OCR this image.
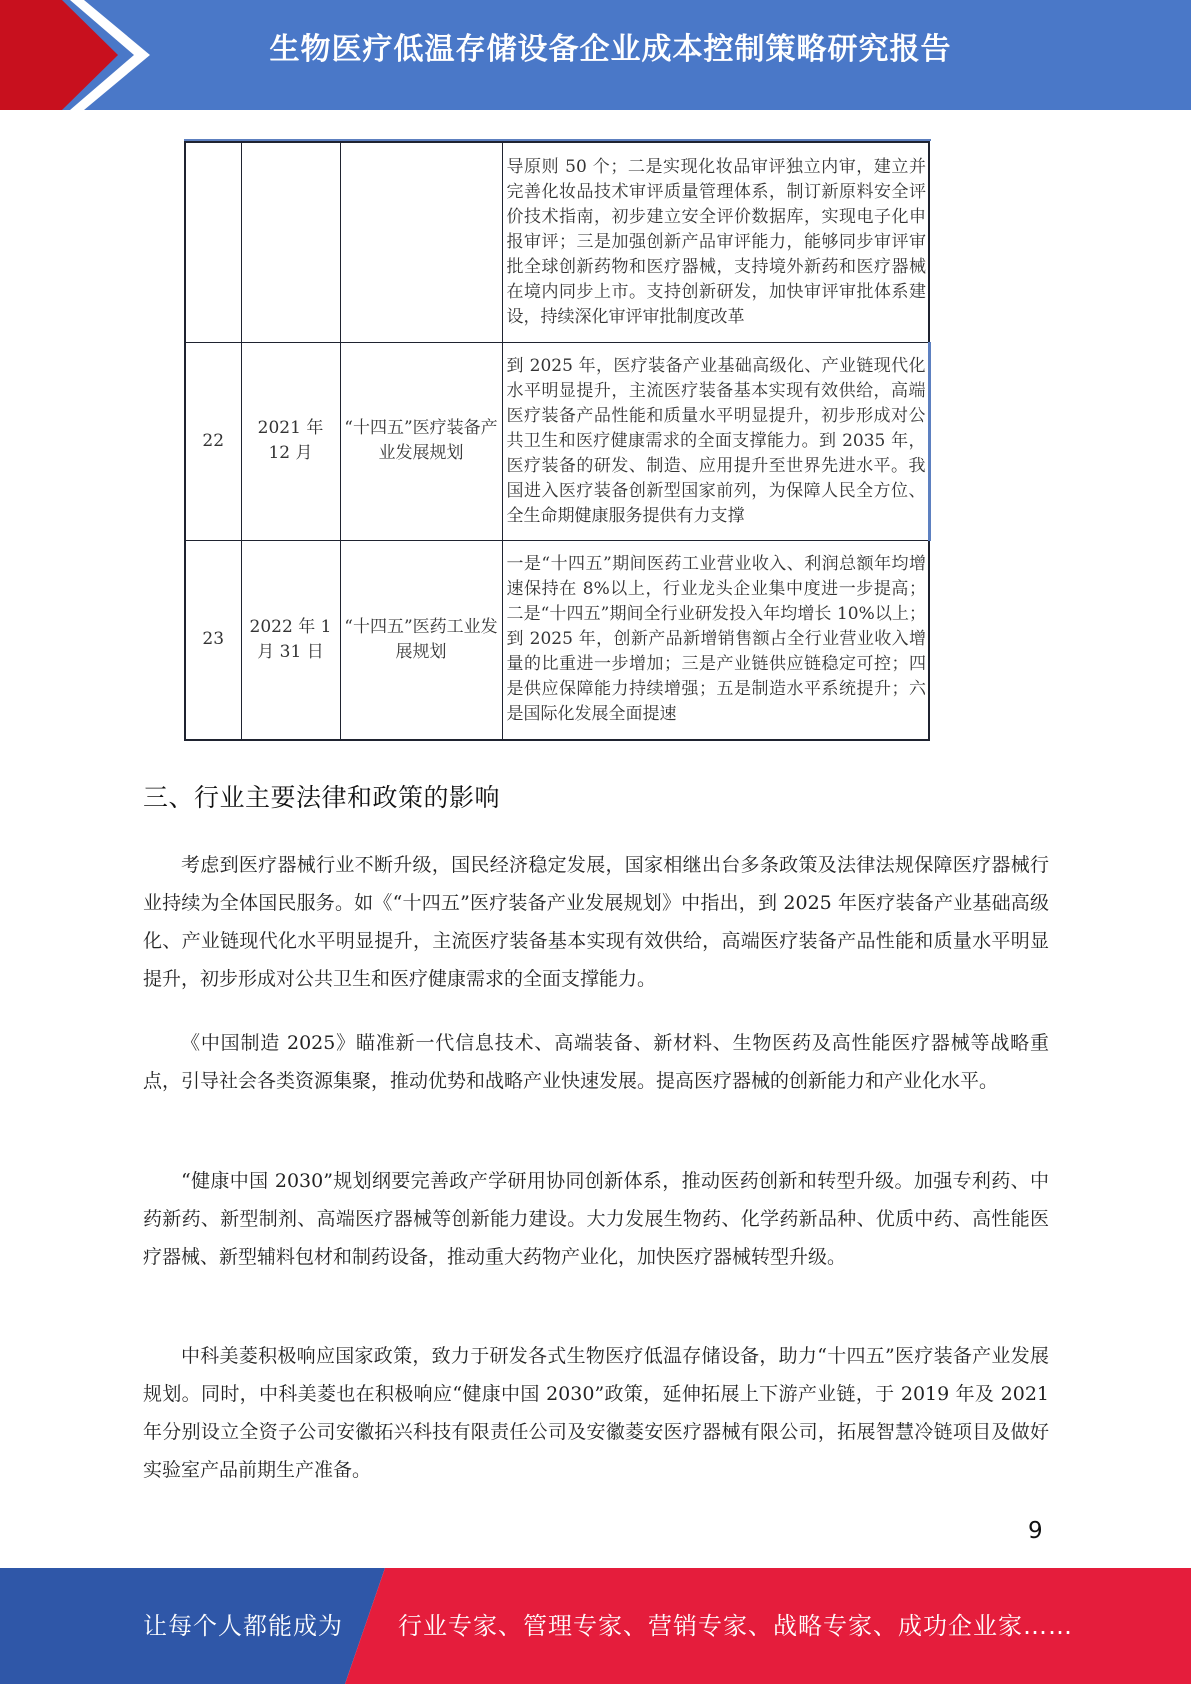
生物医疗低温存储设备企业成本控制策略研究报告
			导原则 50 个；二是实现化妆品审评独立内审，建立并完善化妆品技术审评质量管理体系，制订新原料安全评价技术指南，初步建立安全评价数据库，实现电子化申报审评；三是加强创新产品审评能力，能够同步审评审批全球创新药物和医疗器械，支持境外新药和医疗器械在境内同步上市。支持创新研发，加快审评审批体系建设，持续深化审评审批制度改革
22	2021 年 12 月	“十四五”医疗装备产业发展规划	到 2025 年，医疗装备产业基础高级化、产业链现代化水平明显提升，主流医疗装备基本实现有效供给，高端医疗装备产品性能和质量水平明显提升，初步形成对公共卫生和医疗健康需求的全面支撑能力。到 2035 年，医疗装备的研发、制造、应用提升至世界先进水平。我国进入医疗装备创新型国家前列，为保障人民全方位、全生命期健康服务提供有力支撑
23	2022 年 1 月 31 日	“十四五”医药工业发展规划	一是“十四五”期间医药工业营业收入、利润总额年均增速保持在 8%以上，行业龙头企业集中度进一步提高；二是“十四五”期间全行业研发投入年均增长 10%以上；到 2025 年，创新产品新增销售额占全行业营业收入增量的比重进一步增加；三是产业链供应链稳定可控；四是供应保障能力持续增强；五是制造水平系统提升；六是国际化发展全面提速
三、行业主要法律和政策的影响

考虑到医疗器械行业不断升级，国民经济稳定发展，国家相继出台多条政策及法律法规保障医疗器械行业持续为全体国民服务。如《“十四五”医疗装备产业发展规划》中指出，到 2025 年医疗装备产业基础高级化、产业链现代化水平明显提升，主流医疗装备基本实现有效供给，高端医疗装备产品性能和质量水平明显提升，初步形成对公共卫生和医疗健康需求的全面支撑能力。

《中国制造 2025》瞄准新一代信息技术、高端装备、新材料、生物医药及高性能医疗器械等战略重点，引导社会各类资源集聚，推动优势和战略产业快速发展。提高医疗器械的创新能力和产业化水平。

“健康中国 2030”规划纲要完善政产学研用协同创新体系，推动医药创新和转型升级。加强专利药、中药新药、新型制剂、高端医疗器械等创新能力建设。大力发展生物药、化学药新品种、优质中药、高性能医疗器械、新型辅料包材和制药设备，推动重大药物产业化，加快医疗器械转型升级。

中科美菱积极响应国家政策，致力于研发各式生物医疗低温存储设备，助力“十四五”医疗装备产业发展规划。同时，中科美菱也在积极响应“健康中国 2030”政策，延伸拓展上下游产业链，于 2019 年及 2021 年分别设立全资子公司安徽拓兴科技有限责任公司及安徽菱安医疗器械有限公司，拓展智慧冷链项目及做好实验室产品前期生产准备。

9
让每个人都能成为 行业专家、管理专家、营销专家、战略专家、成功企业家……
